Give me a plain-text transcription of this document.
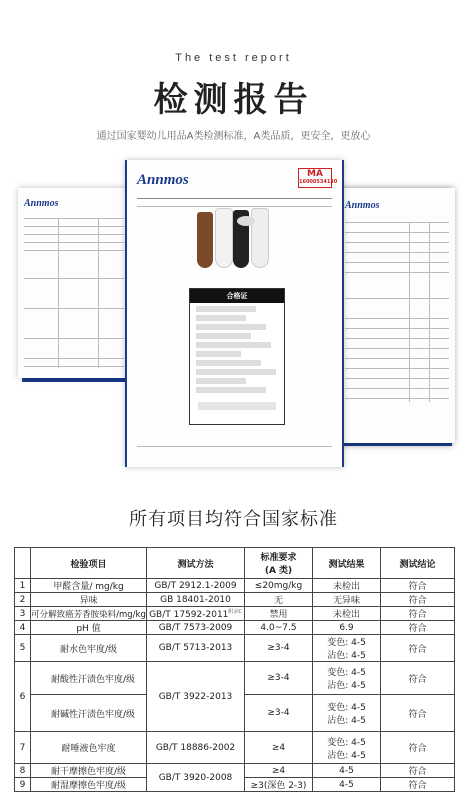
The test report
检测报告
通过国家婴幼儿用品A类检测标准，A类品质，更安全，更放心
Annmos	Annmos
Annmos	MA
16000534130
合格证
所有项目均符合国家标准
	检验项目	测试方法	标准要求
(A 类)	测试结果	测试结论
1	甲醛含量/ mg/kg	GB/T 2912.1-2009	≤20mg/kg	未检出	符合
2	异味	GB 18401-2010	无	无异味	符合
3	可分解致癌芳香胺染料/mg/kg	GB/T $17592-2011^{附录C}$	禁用	未检出	符合
4	pH 值	GB/T 7573-2009	4.0~7.5	6.9	符合
5	耐水色牢度/级	GB/T 5713-2013	≥3-4	变色: 4-5
沾色: 4-5	符合
6	耐酸性汗渍色牢度/级	GB/T 3922-2013	≥3-4	变色: 4-5
沾色: 4-5	符合
	耐碱性汗渍色牢度/级		≥3-4	变色: 4-5
沾色: 4-5	符合
7	耐唾液色牢度	GB/T 18886-2002	≥4	变色: 4-5
沾色: 4-5	符合
8	耐干摩擦色牢度/级	GB/T 3920-2008	≥4	4-5	符合
9	耐湿摩擦色牢度/级		≥3(深色 2-3)	4-5	符合
